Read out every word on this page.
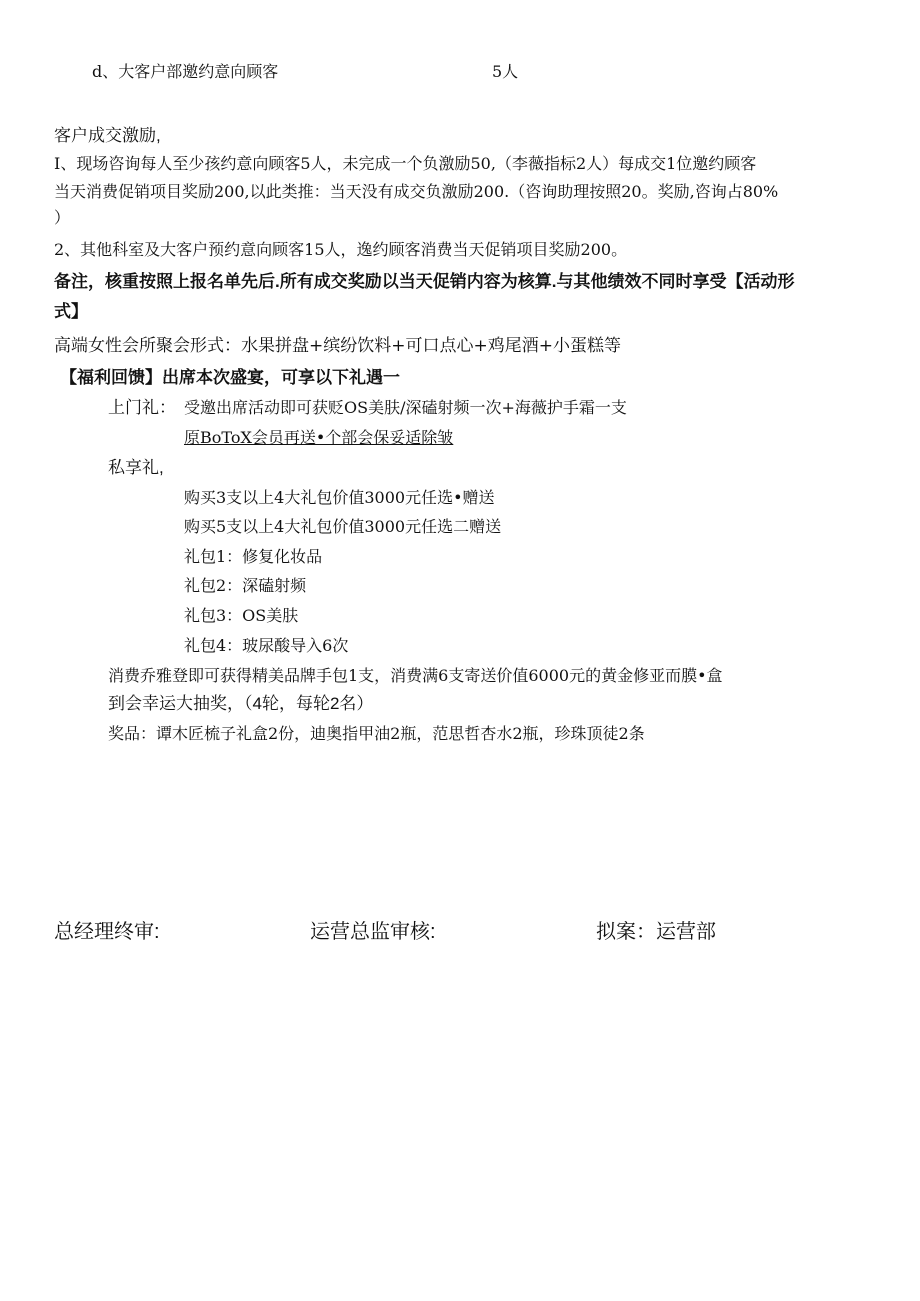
d、大客户部邀约意向顾客	5人
客户成交激励,
I、现场咨询每人至少孩约意向顾客5人，未完成一个负激励50,（李薇指标2人）每成交1位邀约顾客
当天消费促销项目奖励200,以此类推：当天没有成交负激励200.（咨询助理按照20。奖励,咨询占80%
）
2、其他科室及大客户预约意向顾客15人，逸约顾客消费当天促销项目奖励200。
备注，核重按照上报名单先后.所有成交奖励以当天促销内容为核算.与其他绩效不同时享受【活动形
式】
高端女性会所聚会形式：水果拼盘+缤纷饮料+可口点心+鸡尾酒+小蛋糕等
【福利回馈】出席本次盛宴，可享以下礼遇一
上门礼： 受邀出席活动即可获贬OS美肤/深磕射频一次+海薇护手霜一支
原BoToX会员再送•个部会保妥适除皱
私享礼,
购买3支以上4大礼包价值3000元任选•赠送
购买5支以上4大礼包价值3000元任选二赠送
礼包1：修复化妆品
礼包2：深磕射频
礼包3：OS美肤
礼包4：玻尿酸导入6次
消费乔雅登即可获得精美品牌手包1支，消费满6支寄送价值6000元的黄金修亚而膜•盒
到会幸运大抽奖，（4轮，每轮2名）
奖品：谭木匠梳子礼盒2份，迪奥指甲油2瓶，范思哲杏水2瓶，珍珠顶徒2条
总经理终审:	运营总监审核:	拟案：运营部
